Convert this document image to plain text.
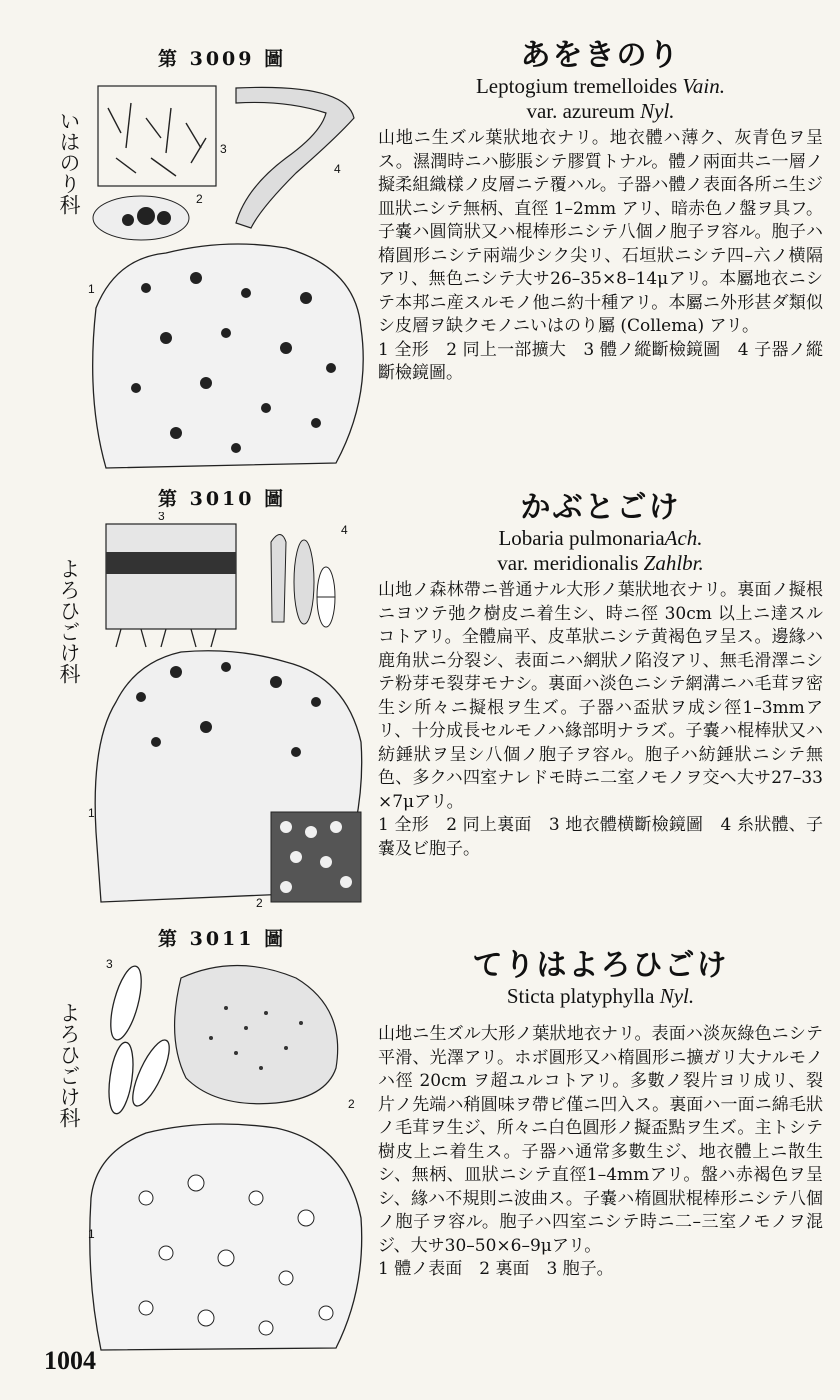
第 3009 圖
いはのり科
1
2
3
4
あをきのり
Leptogium tremelloides Vain.
var. azureum Nyl.
山地ニ生ズル葉狀地衣ナリ。地衣體ハ薄ク、灰青色ヲ呈ス。濕潤時ニハ膨脹シテ膠質トナル。體ノ兩面共ニ一層ノ擬柔組織樣ノ皮層ニテ覆ハル。子器ハ體ノ表面各所ニ生ジ皿狀ニシテ無柄、直徑 1–2mm アリ、暗赤色ノ盤ヲ具フ。子嚢ハ圓筒狀又ハ棍棒形ニシテ八個ノ胞子ヲ容ル。胞子ハ楕圓形ニシテ兩端少シク尖リ、石垣狀ニシテ四–六ノ横隔アリ、無色ニシテ大サ26–35×8–14μアリ。本屬地衣ニシテ本邦ニ産スルモノ他ニ約十種アリ。本屬ニ外形甚ダ類似シ皮層ヲ缺クモノニいはのり屬 (Collema) アリ。
1 全形　2 同上一部擴大　3 體ノ縱斷檢鏡圖　4 子器ノ縱斷檢鏡圖。
第 3010 圖
よろひごけ科
1
2
3
4
かぶとごけ
Lobaria pulmonariaAch.
var. meridionalis Zahlbr.
山地ノ森林帶ニ普通ナル大形ノ葉狀地衣ナリ。裏面ノ擬根ニヨツテ弛ク樹皮ニ着生シ、時ニ徑 30cm 以上ニ達スルコトアリ。全體扁平、皮革狀ニシテ黄褐色ヲ呈ス。邊緣ハ鹿角狀ニ分裂シ、表面ニハ網狀ノ陷沒アリ、無毛滑澤ニシテ粉芽モ裂芽モナシ。裏面ハ淡色ニシテ網溝ニハ毛茸ヲ密生シ所々ニ擬根ヲ生ズ。子器ハ盃狀ヲ成シ徑1–3mmアリ、十分成長セルモノハ緣部明ナラズ。子嚢ハ棍棒狀又ハ紡錘狀ヲ呈シ八個ノ胞子ヲ容ル。胞子ハ紡錘狀ニシテ無色、多クハ四室ナレドモ時ニ二室ノモノヲ交ヘ大サ27–33×7μアリ。
1 全形　2 同上裏面　3 地衣體横斷檢鏡圖　4 糸狀體、子嚢及ビ胞子。
第 3011 圖
よろひごけ科
3
2
1
てりはよろひごけ
Sticta platyphylla Nyl.
山地ニ生ズル大形ノ葉狀地衣ナリ。表面ハ淡灰綠色ニシテ平滑、光澤アリ。ホボ圓形又ハ楕圓形ニ擴ガリ大ナルモノハ徑 20cm ヲ超ユルコトアリ。多數ノ裂片ヨリ成リ、裂片ノ先端ハ稍圓味ヲ帶ビ僅ニ凹入ス。裏面ハ一面ニ綿毛狀ノ毛茸ヲ生ジ、所々ニ白色圓形ノ擬盃點ヲ生ズ。主トシテ樹皮上ニ着生ス。子器ハ通常多數生ジ、地衣體上ニ散生シ、無柄、皿狀ニシテ直徑1–4mmアリ。盤ハ赤褐色ヲ呈シ、緣ハ不規則ニ波曲ス。子嚢ハ楕圓狀棍棒形ニシテ八個ノ胞子ヲ容ル。胞子ハ四室ニシテ時ニ二–三室ノモノヲ混ジ、大サ30–50×6–9μアリ。
1 體ノ表面　2 裏面　3 胞子。
1004
